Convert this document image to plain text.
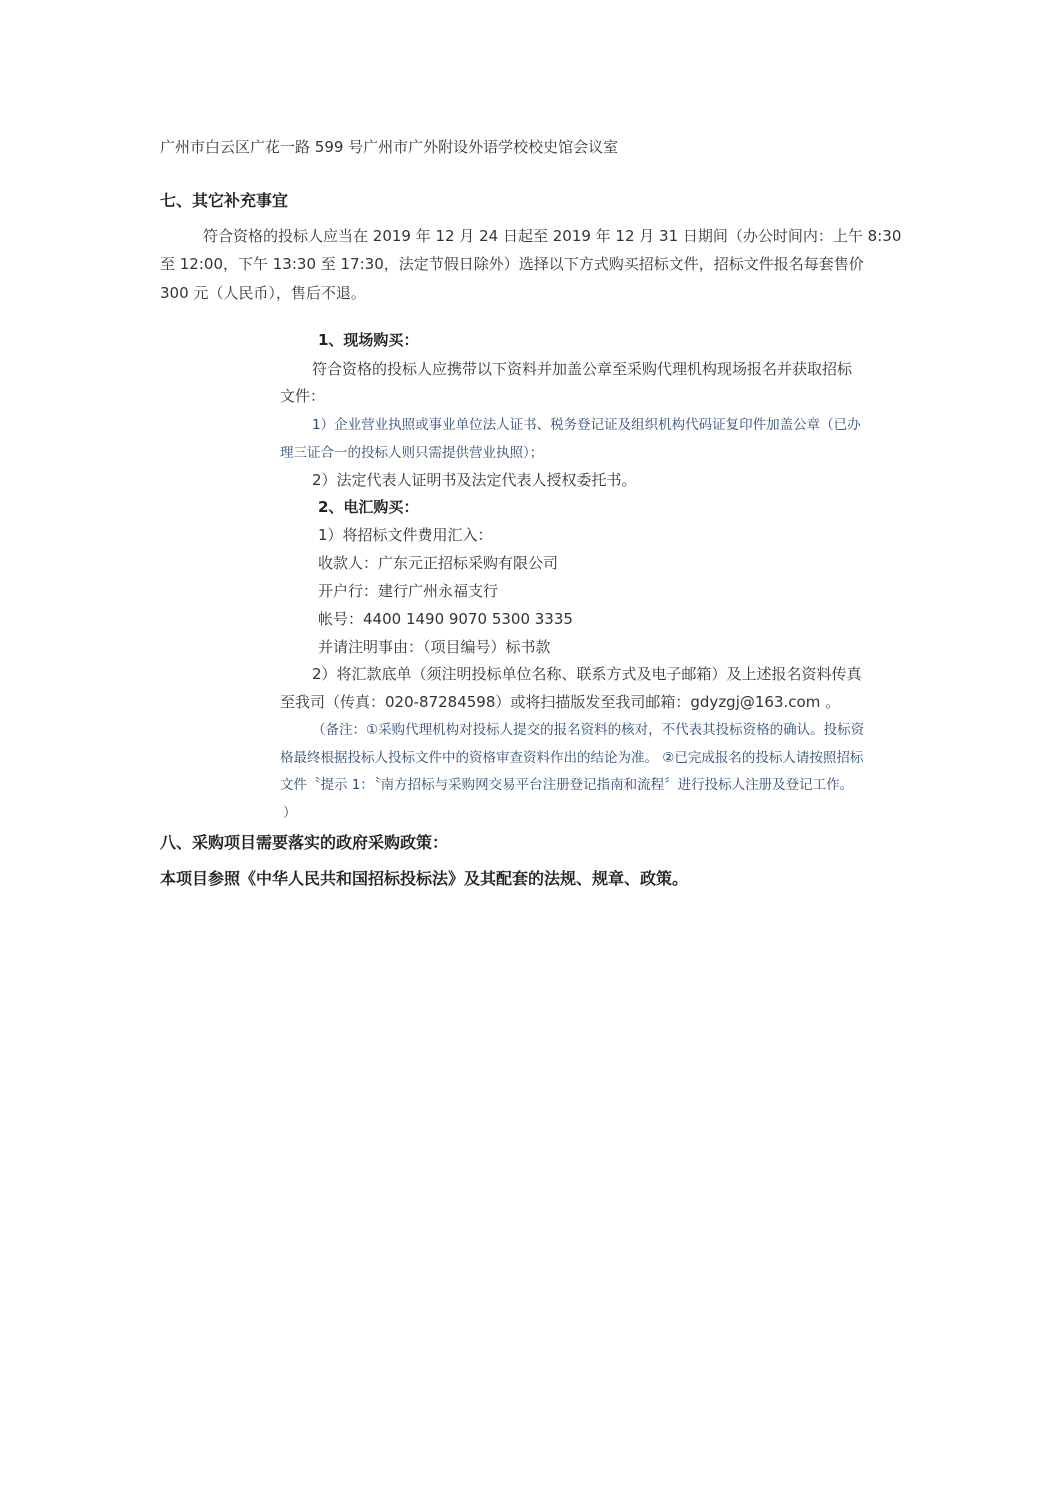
广州市白云区广花一路 599 号广州市广外附设外语学校校史馆会议室
七、其它补充事宜
符合资格的投标人应当在 2019 年 12 月 24 日起至 2019 年 12 月 31 日期间（办公时间内：上午 8:30
至 12:00，下午 13:30 至 17:30，法定节假日除外）选择以下方式购买招标文件，招标文件报名每套售价
300 元（人民币），售后不退。
1、现场购买：
符合资格的投标人应携带以下资料并加盖公章至采购代理机构现场报名并获取招标
文件：
1）企业营业执照或事业单位法人证书、税务登记证及组织机构代码证复印件加盖公章（已办
理三证合一的投标人则只需提供营业执照）；
2）法定代表人证明书及法定代表人授权委托书。
2、电汇购买：
1）将招标文件费用汇入：
收款人：广东元正招标采购有限公司
开户行：建行广州永福支行
帐号：4400 1490 9070 5300 3335
并请注明事由：（项目编号）标书款
2）将汇款底单（须注明投标单位名称、联系方式及电子邮箱）及上述报名资料传真
至我司（传真：020-87284598）或将扫描版发至我司邮箱：gdyzgj@163.com 。
（备注：①采购代理机构对投标人提交的报名资料的核对，不代表其投标资格的确认。投标资
格最终根据投标人投标文件中的资格审查资料作出的结论为准。 ②已完成报名的投标人请按照招标
文件〝提示 1：〝南方招标与采购网交易平台注册登记指南和流程〞进行投标人注册及登记工作。
）
八、采购项目需要落实的政府采购政策：
本项目参照《中华人民共和国招标投标法》及其配套的法规、规章、政策。
